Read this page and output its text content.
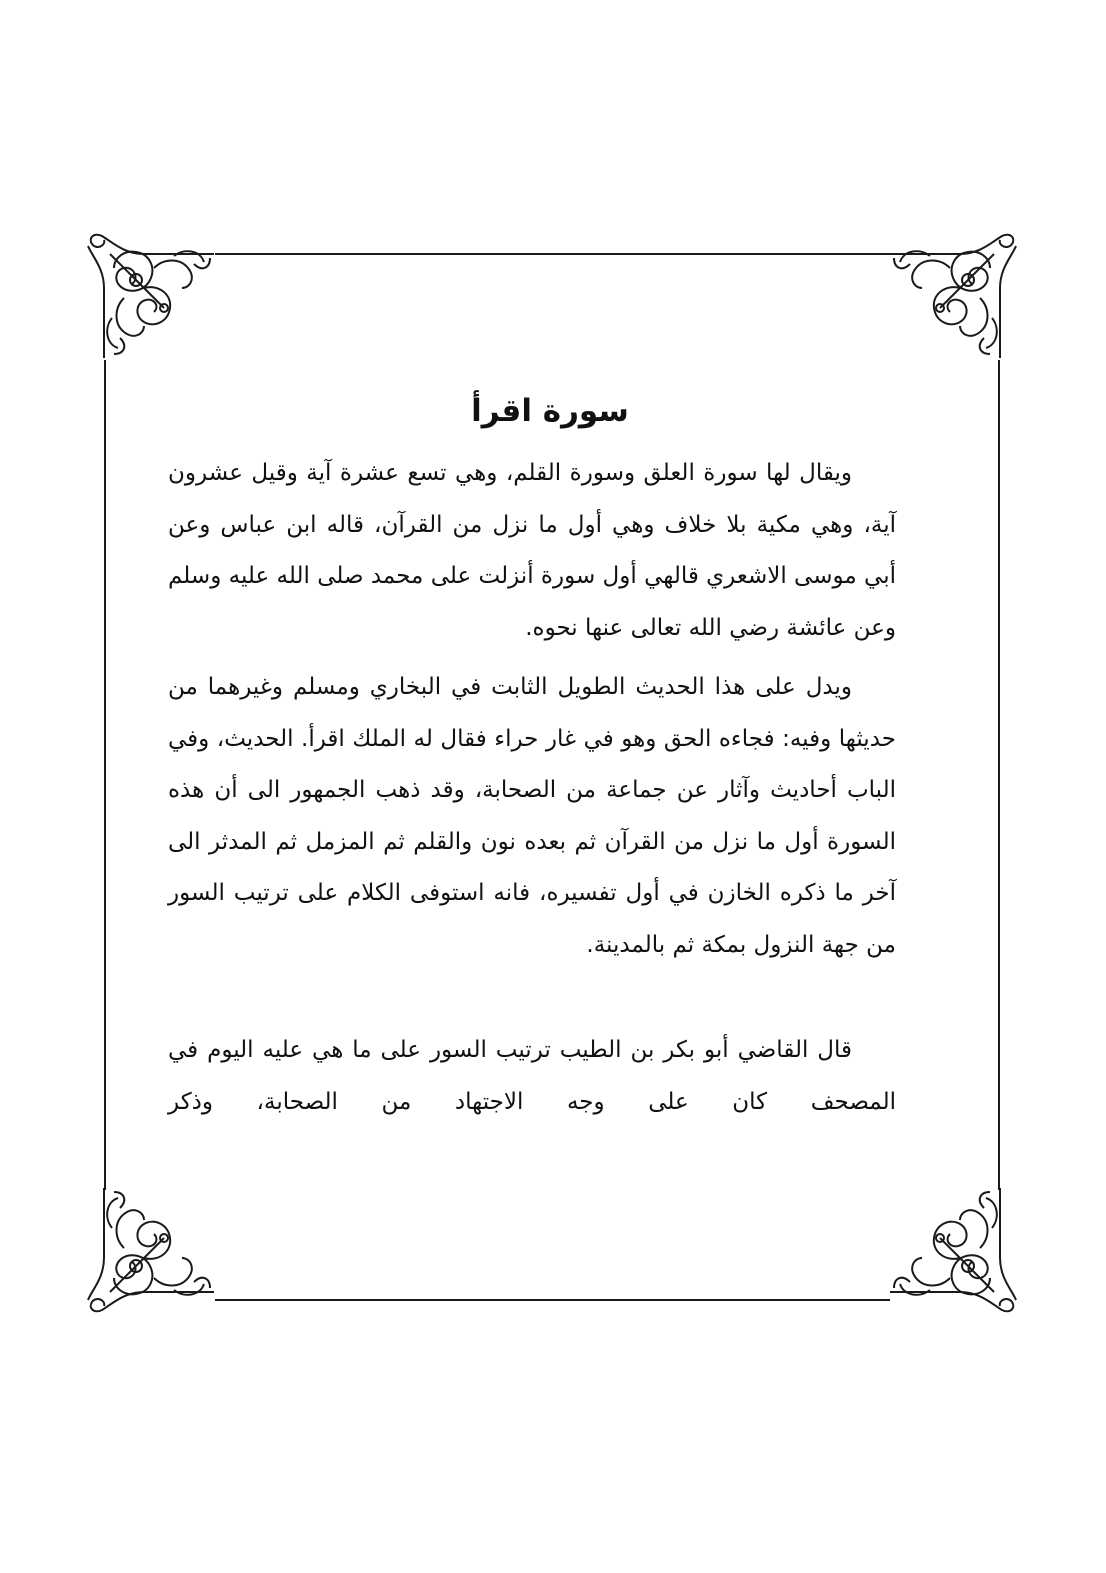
سورة اقرأ

ويقال لها سورة العلق وسورة القلم، وهي تسع عشرة آية وقيل عشرون آية، وهي مكية بلا خلاف وهي أول ما نزل من القرآن، قاله ابن عباس وعن أبي موسى الاشعري قالهي أول سورة أنزلت على محمد صلى الله عليه وسلم وعن عائشة رضي الله تعالى عنها نحوه.

ويدل على هذا الحديث الطويل الثابت في البخاري ومسلم وغيرهما من حديثها وفيه: فجاءه الحق وهو في غار حراء فقال له الملك اقرأ. الحديث، وفي الباب أحاديث وآثار عن جماعة من الصحابة، وقد ذهب الجمهور الى أن هذه السورة أول ما نزل من القرآن ثم بعده نون والقلم ثم المزمل ثم المدثر الى آخر ما ذكره الخازن في أول تفسيره، فانه استوفى الكلام على ترتيب السور من جهة النزول بمكة ثم بالمدينة.

قال القاضي أبو بكر بن الطيب ترتيب السور على ما هي عليه اليوم في المصحف كان على وجه الاجتهاد من الصحابة، وذكر
